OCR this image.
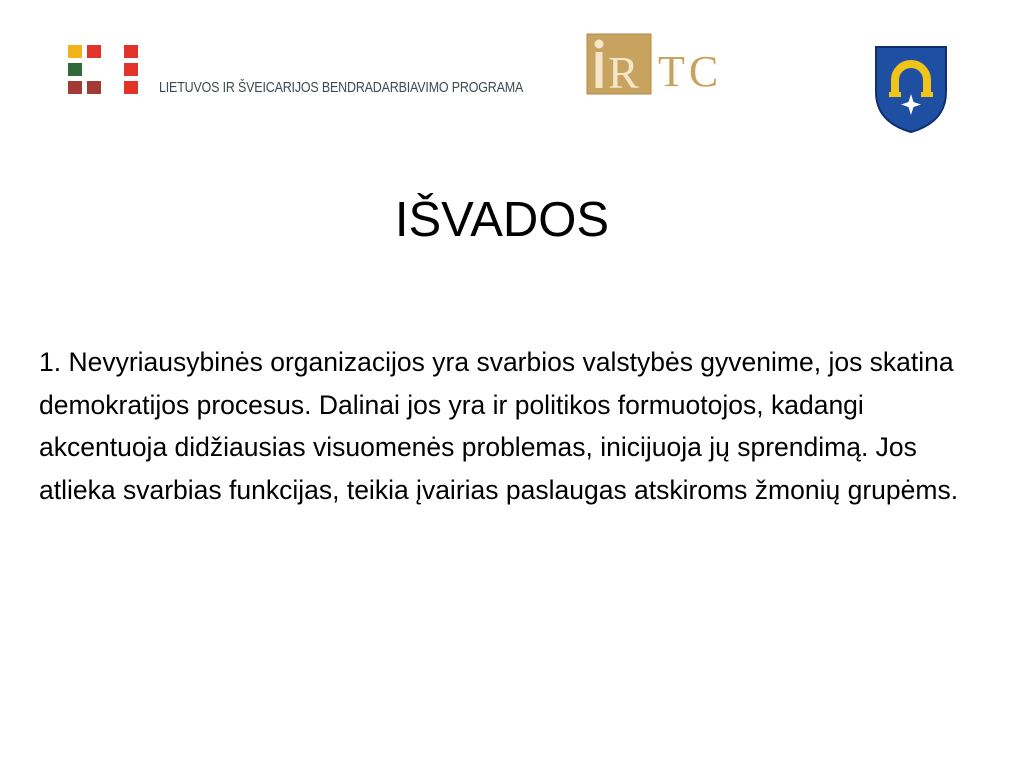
LIETUVOS IR ŠVEICARIJOS BENDRADARBIAVIMO PROGRAMA R TC
IŠVADOS

1. Nevyriausybinės organizacijos yra svarbios valstybės gyvenime, jos skatina demokratijos procesus. Dalinai jos yra ir politikos formuotojos, kadangi akcentuoja didžiausias visuomenės problemas, inicijuoja jų sprendimą. Jos atlieka svarbias funkcijas, teikia įvairias paslaugas atskiroms žmonių grupėms.
